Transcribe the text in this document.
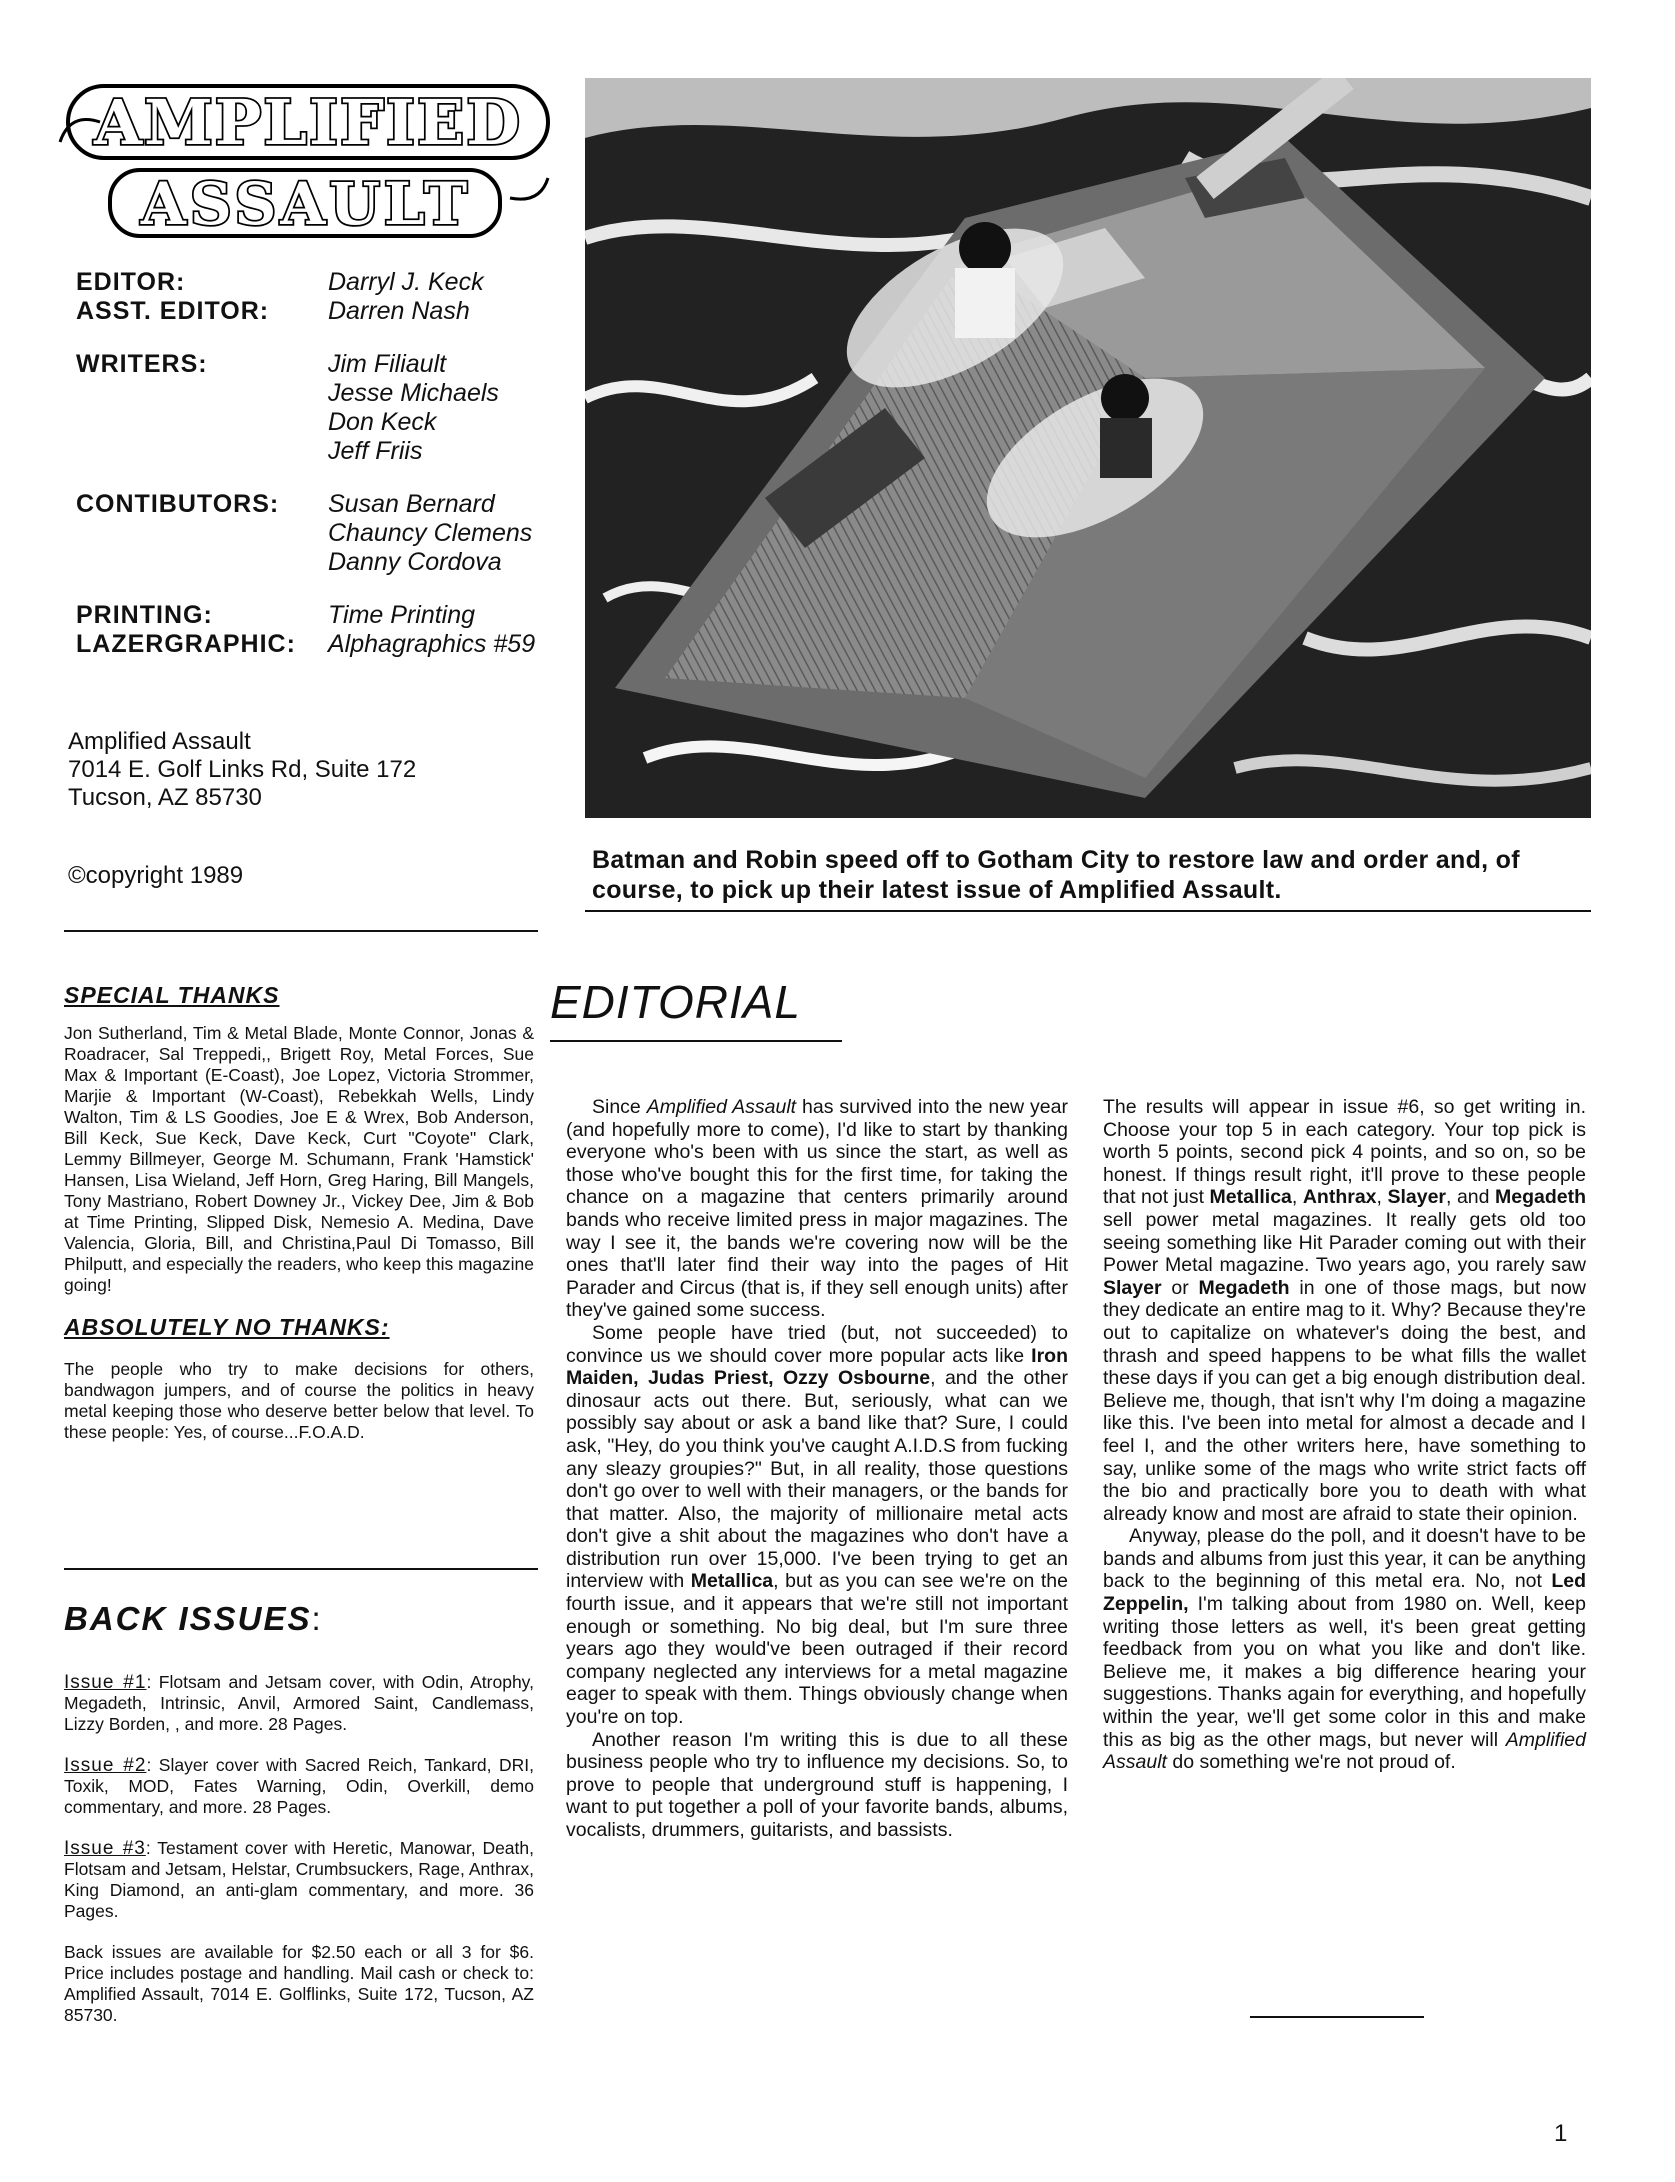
AMPLIFIED
ASSAULT
EDITOR:	Darryl J. Keck
ASST. EDITOR:	Darren Nash
WRITERS:	Jim Filiault
Jesse Michaels
Don Keck
Jeff Friis
CONTIBUTORS:	Susan Bernard
Chauncy Clemens
Danny Cordova
PRINTING:	Time Printing
LAZERGRAPHIC:	Alphagraphics #59
Amplified Assault
7014 E. Golf Links Rd, Suite 172
Tucson, AZ 85730
©copyright 1989
Batman and Robin speed off to Gotham City to restore law and order and, of course, to pick up their latest issue of Amplified Assault.
SPECIAL THANKS
Jon Sutherland, Tim & Metal Blade, Monte Connor, Jonas & Roadracer, Sal Treppedi,, Brigett Roy, Metal Forces, Sue Max & Important (E-Coast), Joe Lopez, Victoria Strommer, Marjie & Important (W-Coast), Rebekkah Wells, Lindy Walton, Tim & LS Goodies, Joe E & Wrex, Bob Anderson, Bill Keck, Sue Keck, Dave Keck, Curt "Coyote" Clark, Lemmy Billmeyer, George M. Schumann, Frank 'Hamstick' Hansen, Lisa Wieland, Jeff Horn, Greg Haring, Bill Mangels, Tony Mastriano, Robert Downey Jr., Vickey Dee, Jim & Bob at Time Printing, Slipped Disk, Nemesio A. Medina, Dave Valencia, Gloria, Bill, and Christina,Paul Di Tomasso, Bill Philputt, and especially the readers, who keep this magazine going!
ABSOLUTELY NO THANKS:
The people who try to make decisions for others, bandwagon jumpers, and of course the politics in heavy metal keeping those who deserve better below that level. To these people: Yes, of course...F.O.A.D.
BACK ISSUES:
Issue #1: Flotsam and Jetsam cover, with Odin, Atrophy, Megadeth, Intrinsic, Anvil, Armored Saint, Candlemass, Lizzy Borden, , and more. 28 Pages.
Issue #2: Slayer cover with Sacred Reich, Tankard, DRI, Toxik, MOD, Fates Warning, Odin, Overkill, demo commentary, and more. 28 Pages.
Issue #3: Testament cover with Heretic, Manowar, Death, Flotsam and Jetsam, Helstar, Crumbsuckers, Rage, Anthrax, King Diamond, an anti-glam commentary, and more. 36 Pages.
Back issues are available for $2.50 each or all 3 for $6. Price includes postage and handling. Mail cash or check to: Amplified Assault, 7014 E. Golflinks, Suite 172, Tucson, AZ 85730.
EDITORIAL

Since Amplified Assault has survived into the new year (and hopefully more to come), I'd like to start by thanking everyone who's been with us since the start, as well as those who've bought this for the first time, for taking the chance on a magazine that centers primarily around bands who receive limited press in major magazines. The way I see it, the bands we're covering now will be the ones that'll later find their way into the pages of Hit Parader and Circus (that is, if they sell enough units) after they've gained some success.

Some people have tried (but, not succeeded) to convince us we should cover more popular acts like Iron Maiden, Judas Priest, Ozzy Osbourne, and the other dinosaur acts out there. But, seriously, what can we possibly say about or ask a band like that? Sure, I could ask, "Hey, do you think you've caught A.I.D.S from fucking any sleazy groupies?" But, in all reality, those questions don't go over to well with their managers, or the bands for that matter. Also, the majority of millionaire metal acts don't give a shit about the magazines who don't have a distribution run over 15,000. I've been trying to get an interview with Metallica, but as you can see we're on the fourth issue, and it appears that we're still not important enough or something. No big deal, but I'm sure three years ago they would've been outraged if their record company neglected any interviews for a metal magazine eager to speak with them. Things obviously change when you're on top.

Another reason I'm writing this is due to all these business people who try to influence my decisions. So, to prove to people that underground stuff is happening, I want to put together a poll of your favorite bands, albums, vocalists, drummers, guitarists, and bassists.

The results will appear in issue #6, so get writing in. Choose your top 5 in each category. Your top pick is worth 5 points, second pick 4 points, and so on, so be honest. If things result right, it'll prove to these people that not just Metallica, Anthrax, Slayer, and Megadeth sell power metal magazines. It really gets old too seeing something like Hit Parader coming out with their Power Metal magazine. Two years ago, you rarely saw Slayer or Megadeth in one of those mags, but now they dedicate an entire mag to it. Why? Because they're out to capitalize on whatever's doing the best, and thrash and speed happens to be what fills the wallet these days if you can get a big enough distribution deal. Believe me, though, that isn't why I'm doing a magazine like this. I've been into metal for almost a decade and I feel I, and the other writers here, have something to say, unlike some of the mags who write strict facts off the bio and practically bore you to death with what already know and most are afraid to state their opinion.

Anyway, please do the poll, and it doesn't have to be bands and albums from just this year, it can be anything back to the beginning of this metal era. No, not Led Zeppelin, I'm talking about from 1980 on. Well, keep writing those letters as well, it's been great getting feedback from you on what you like and don't like. Believe me, it makes a big difference hearing your suggestions. Thanks again for everything, and hopefully within the year, we'll get some color in this and make this as big as the other mags, but never will Amplified Assault do something we're not proud of.

1
